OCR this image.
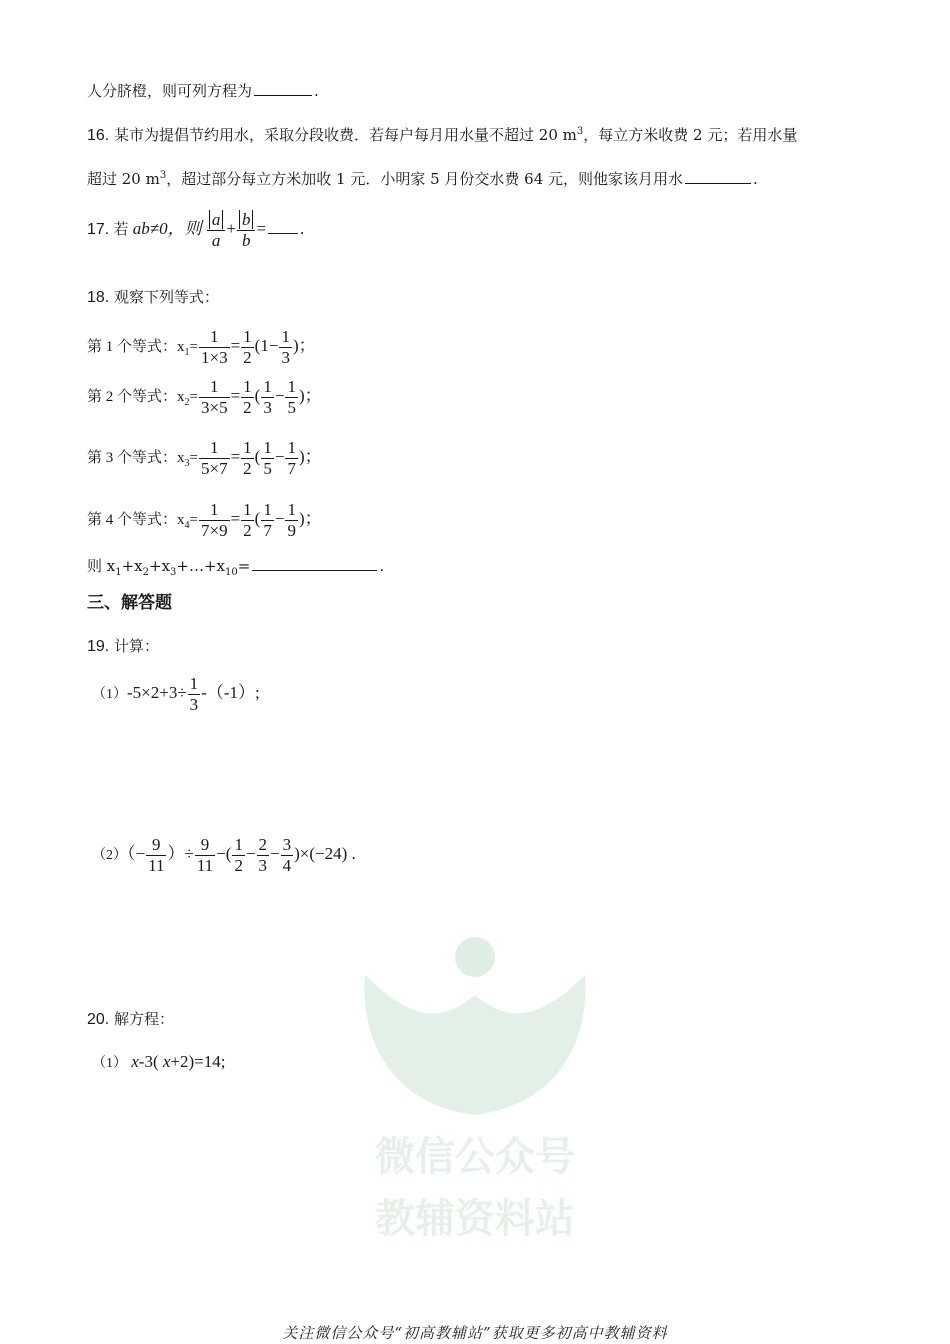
人分脐橙，则可列方程为	.
16. 某市为提倡节约用水，采取分段收费．若每户每月用水量不超过 20 $m^3$，每立方米收费 2 元；若用水量
超过 20 $m^3$，超过部分每立方米加收 1 元．小明家 5 月份交水费 64 元，则他家该月用水	.
17. 若 ab≠0，则 $\frac{a}{a} + \frac{b}{b}$ = .
18. 观察下列等式：
第 1 个等式：$x_1= \frac{1}{1\times 3} = \frac{1}{2} (1- \frac{1}{3}$ )；
第 2 个等式：$x_2= \frac{1}{3\times 5} = \frac{1}{2}$ ( $\frac{1}{3} - \frac{1}{5}$ )；
第 3 个等式：$x_3= \frac{1}{5\times 7} = \frac{1}{2}$ ( $\frac{1}{5} - \frac{1}{7}$ )；
第 4 个等式：$x_4= \frac{1}{7\times 9} = \frac{1}{2}$ ( $\frac{1}{7} - \frac{1}{9}$ )；
则 $x_1+x_2+x_3+\dots+x_{10}=$	.
三、解答题
19. 计算：
$(1)-5\times 2+3\div \frac{1}{3} -(-1)$;
$(2)(- \frac{9}{11}$ ）÷ $\frac{9}{11}$ −( $\frac{1}{2} - \frac{2}{3} - \frac{3}{4} )\times(-24)$ .
微信公众号
教辅资料站
20. 解方程：
（1） x-3( x+2)=14;
关注微信公众号“初高教辅站”获取更多初高中教辅资料
